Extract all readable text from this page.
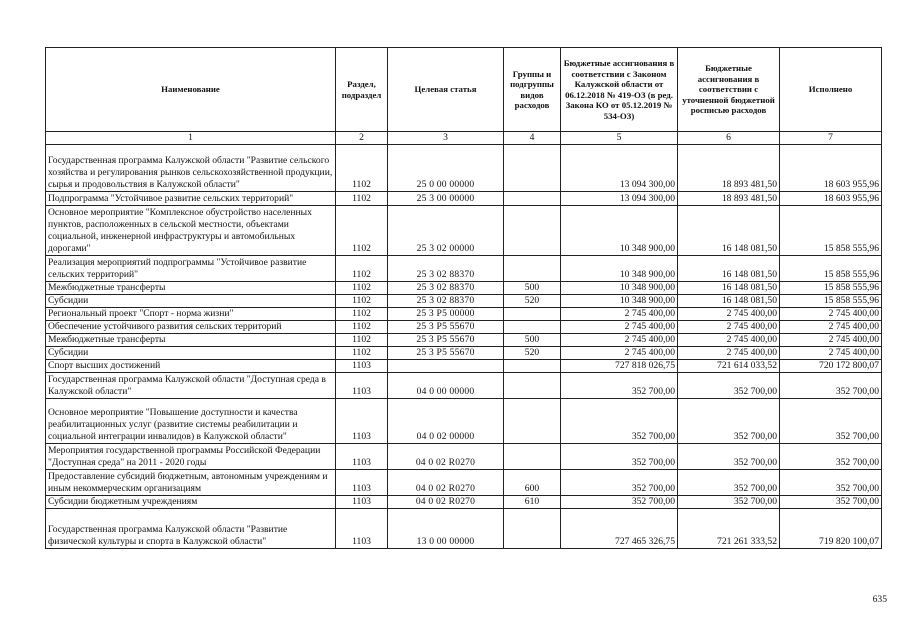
Наименование	Раздел, подраздел	Целевая статья	Группы и подгруппы видов расходов	Бюджетные ассигнования в соответствии с Законом Калужской области от 06.12.2018 № 419-ОЗ (в ред. Закона КО от 05.12.2019 № 534-ОЗ)	Бюджетные ассигнования в соответствии с уточненной бюджетной росписью расходов	Исполнено
1	2	3	4	5	6	7
Государственная программа Калужской области "Развитие сельского хозяйства и регулирования рынков сельскохозяйственной продукции, сырья и продовольствия в Калужской области"	1102	25 0 00 00000		13 094 300,00	18 893 481,50	18 603 955,96
Подпрограмма "Устойчивое развитие сельских территорий"	1102	25 3 00 00000		13 094 300,00	18 893 481,50	18 603 955,96
Основное мероприятие "Комплексное обустройство населенных пунктов, расположенных в сельской местности, объектами социальной, инженерной инфраструктуры и автомобильных дорогами"	1102	25 3 02 00000		10 348 900,00	16 148 081,50	15 858 555,96
Реализация мероприятий подпрограммы "Устойчивое развитие сельских территорий"	1102	25 3 02 88370		10 348 900,00	16 148 081,50	15 858 555,96
Межбюджетные трансферты	1102	25 3 02 88370	500	10 348 900,00	16 148 081,50	15 858 555,96
Субсидии	1102	25 3 02 88370	520	10 348 900,00	16 148 081,50	15 858 555,96
Региональный проект "Спорт - норма жизни"	1102	25 3 P5 00000		2 745 400,00	2 745 400,00	2 745 400,00
Обеспечение устойчивого развития сельских территорий	1102	25 3 P5 55670		2 745 400,00	2 745 400,00	2 745 400,00
Межбюджетные трансферты	1102	25 3 P5 55670	500	2 745 400,00	2 745 400,00	2 745 400,00
Субсидии	1102	25 3 P5 55670	520	2 745 400,00	2 745 400,00	2 745 400,00
Спорт высших достижений	1103			727 818 026,75	721 614 033,52	720 172 800,07
Государственная программа Калужской области "Доступная среда в Калужской области"	1103	04 0 00 00000		352 700,00	352 700,00	352 700,00
Основное мероприятие "Повышение доступности и качества реабилитационных услуг (развитие системы реабилитации и социальной интеграции инвалидов) в Калужской области"	1103	04 0 02 00000		352 700,00	352 700,00	352 700,00
Мероприятия государственной программы Российской Федерации "Доступная среда" на 2011 - 2020 годы	1103	04 0 02 R0270		352 700,00	352 700,00	352 700,00
Предоставление субсидий бюджетным, автономным учреждениям и иным некоммерческим организациям	1103	04 0 02 R0270	600	352 700,00	352 700,00	352 700,00
Субсидии бюджетным учреждениям	1103	04 0 02 R0270	610	352 700,00	352 700,00	352 700,00
Государственная программа Калужской области "Развитие физической культуры и спорта в Калужской области"	1103	13 0 00 00000		727 465 326,75	721 261 333,52	719 820 100,07
635
